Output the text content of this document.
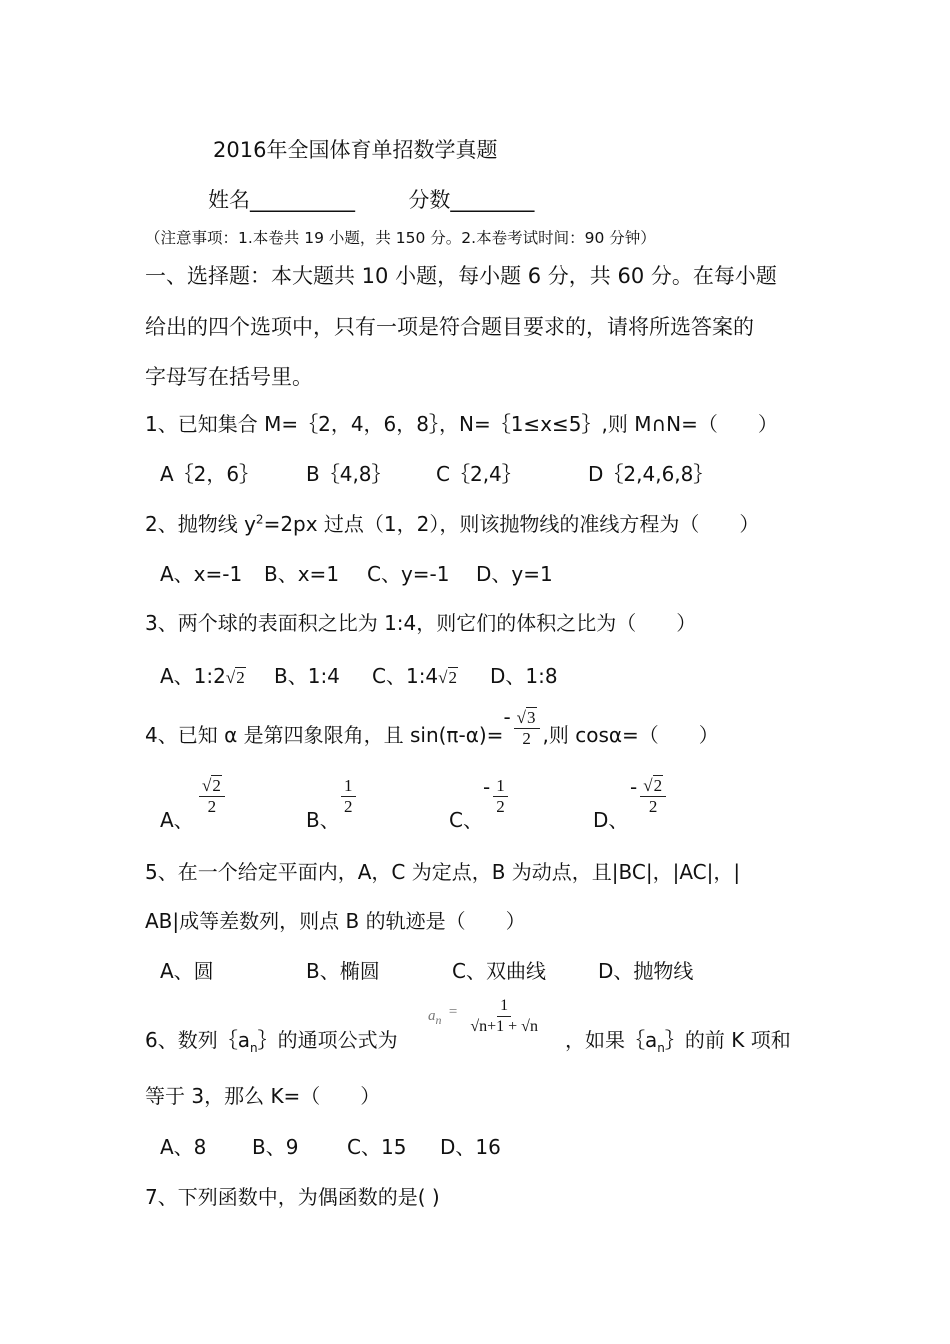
2016年全国体育单招数学真题
姓名__________	分数________
（注意事项：1.本卷共 19 小题，共 150 分。2.本卷考试时间：90 分钟）
一、选择题：本大题共 10 小题，每小题 6 分，共 60 分。在每小题
给出的四个选项中，只有一项是符合题目要求的，请将所选答案的
字母写在括号里。
1、已知集合 M=｛2，4，6，8｝，N=｛1≤x≤5｝,则 M∩N=（　　）
A｛2，6｝ B｛4,8｝ C｛2,4｝	D｛2,4,6,8｝
2、抛物线 $y^2=2px$ 过点（1，2），则该抛物线的准线方程为（　　）
A、x=-1 B、x=1 C、y=-1 D、y=1
3、两个球的表面积之比为 1:4，则它们的体积之比为（　　）
A、1:2√2 B、1:4 C、1:4√2 D、1:8
4、已知 α 是第四象限角，且 $\sin(\pi-\alpha)=- \frac{√3}{2}$ ,则 cosα=（　　）
A、
$\frac{√2}{2}$
B、
$\frac{1}{2}$
C、
- $\frac{1}{2}$
D、
- $\frac{√2}{2}$
5、在一个给定平面内，A，C 为定点，B 为动点，且|BC|，|AC|，|
AB|成等差数列，则点 B 的轨迹是（　　）
A、圆	B、椭圆	C、双曲线	D、抛物线
6、数列$\{a_n\}$的通项公式为
$a_n$ $^= \frac{1}{√n+1 + √n}$
，如果$\{a_n\}$的前 K 项和
等于 3，那么 K=（　　）
A、8 B、9 C、15 D、16
7、下列函数中，为偶函数的是( )
